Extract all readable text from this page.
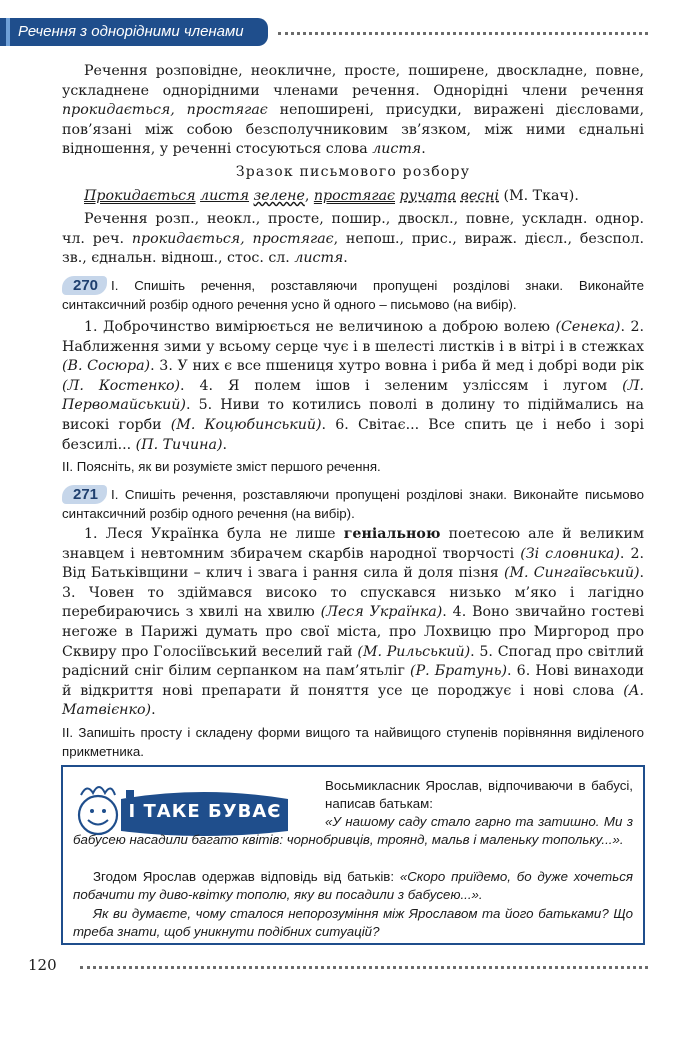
Речення з однорідними членами
Речення розповідне, неокличне, просте, поширене, двоскладне, повне, ускладнене однорідними членами речення. Однорідні члени речення прокидається, простягає непоширені, присудки, виражені дієсловами, пов’язані між собою безсполучниковим зв’язком, між ними єднальні відношення, у реченні стосуються слова листя.
Зразок письмового розбору
Прокидається листя зелене, простягає ручата весні (М. Ткач).
Речення розп., неокл., просте, пошир., двоскл., повне, ускладн. однор. чл. реч. прокидається, простягає, непош., прис., вираж. дієсл., безспол. зв., єднальн. віднош., стос. сл. листя.
270 I. Спишіть речення, розставляючи пропущені розділові знаки. Виконайте синтаксичний розбір одного речення усно й одного – письмово (на вибір).
1. Доброчинство вимірюється не величиною а доброю волею (Сенека). 2. Наближення зими у всьому серце чує і в шелесті листків і в вітрі і в стежках (В. Сосюра). 3. У них є все пшениця хутро вовна і риба й мед і добрі води рік (Л. Костенко). 4. Я полем ішов і зеленим узліссям і лугом (Л. Первомайський). 5. Ниви то котились поволі в долину то підіймались на високі горби (М. Коцюбинський). 6. Світає... Все спить це і небо і зорі безсилі... (П. Тичина).
II. Поясніть, як ви розумієте зміст першого речення.
271 I. Спишіть речення, розставляючи пропущені розділові знаки. Виконайте письмово синтаксичний розбір одного речення (на вибір).
1. Леся Українка була не лише геніальною поетесою але й великим знавцем і невтомним збирачем скарбів народної творчості (Зі словника). 2. Від Батьківщини – клич і звага і рання сила й доля пізня (М. Сингаївський). 3. Човен то здіймався високо то спускався низько м’яко і лагідно перебираючись з хвилі на хвилю (Леся Українка). 4. Воно звичайно гостеві негоже в Парижі думать про свої міста, про Лохвицю про Миргород про Сквиру про Голосіївський веселий гай (М. Рильський). 5. Спогад про світлий радісний сніг білим серпанком на пам’ятьліг (Р. Братунь). 6. Нові винаходи й відкриття нові препарати й поняття усе це породжує і нові слова (А. Матвієнко).
II. Запишіть просту і складену форми вищого та найвищого ступенів порівняння виділеного прикметника.
І ТАКЕ БУВАЄ
Восьмикласник Ярослав, відпочиваючи в бабусі, написав батькам:
«У нашому саду стало гарно та затишно. Ми з бабусею насадили багато квітів: чорнобривців, троянд, мальв і маленьку топольку...».
Згодом Ярослав одержав відповідь від батьків: «Скоро приїдемо, бо дуже хочеться побачити ту диво-квітку тополю, яку ви посадили з бабусею...».
Як ви думаєте, чому сталося непорозуміння між Ярославом та його батьками? Що треба знати, щоб уникнути подібних ситуацій?
120
